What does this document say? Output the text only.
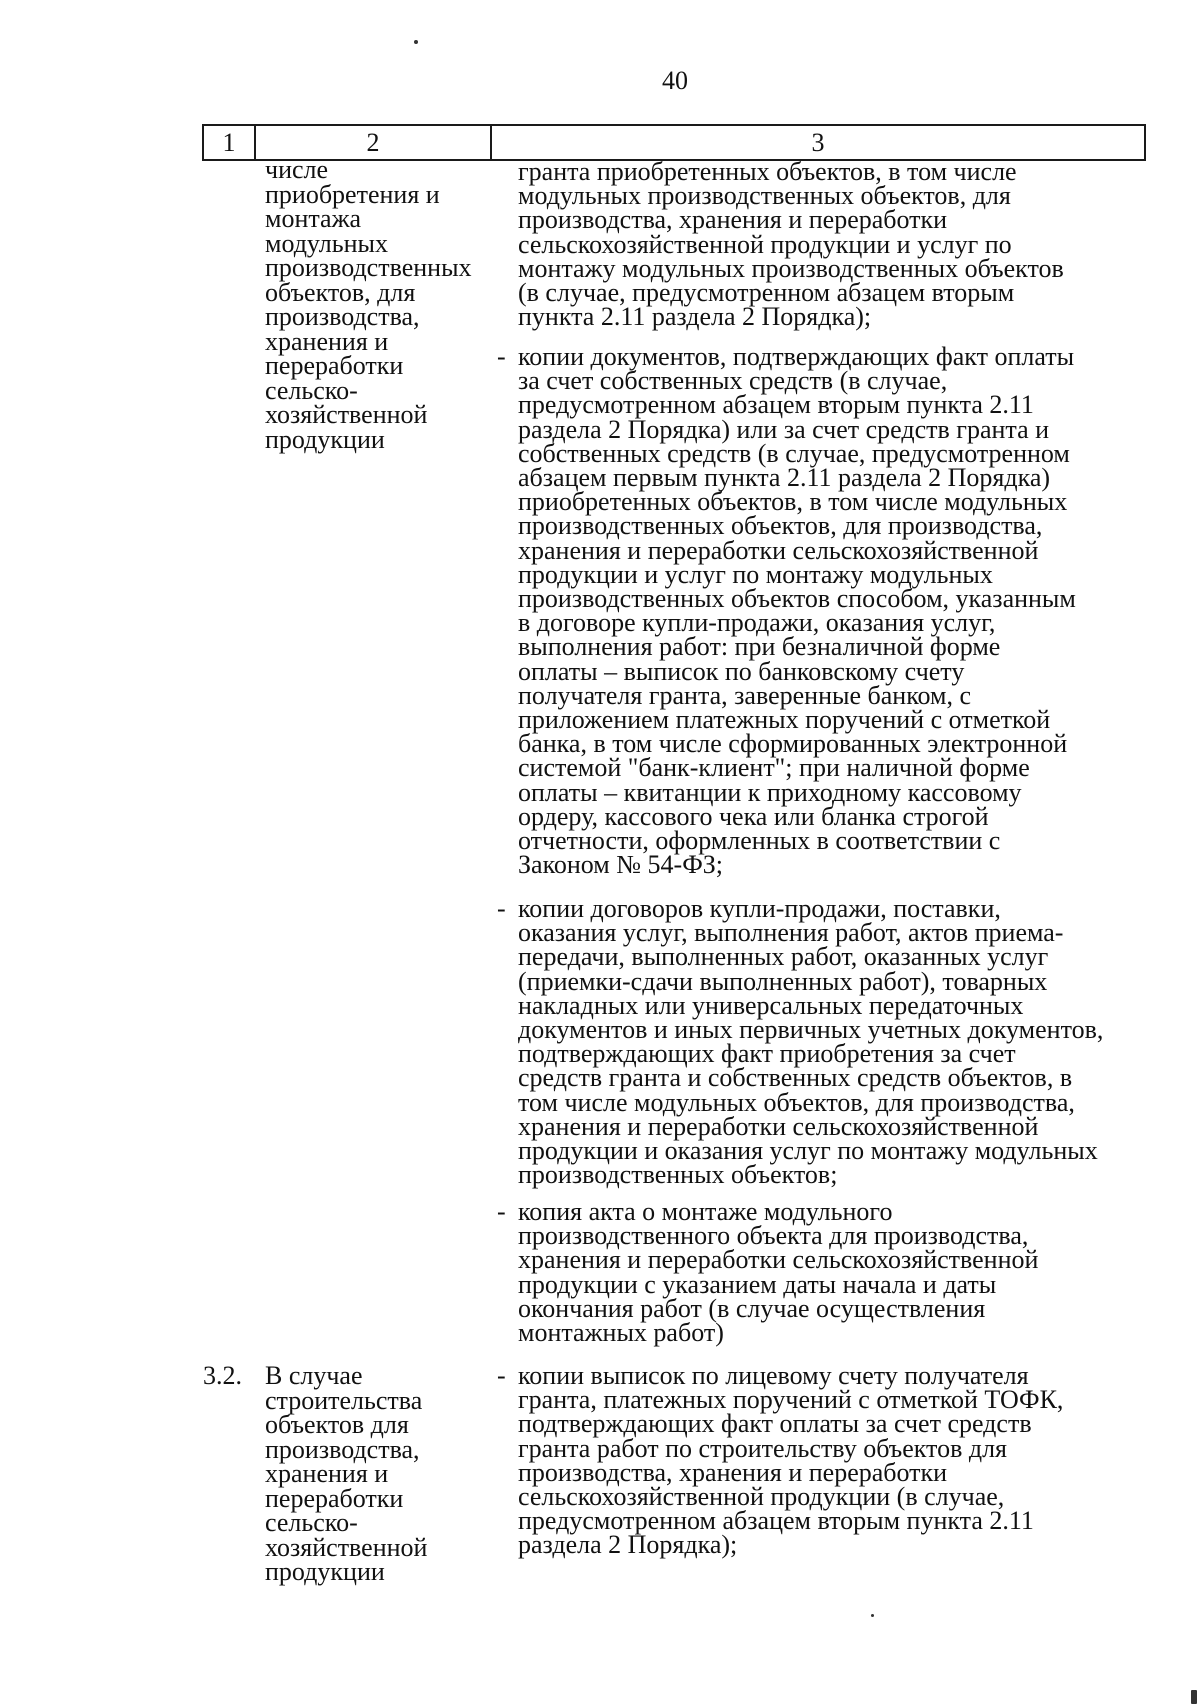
40
1	2	3
числе
приобретения и
монтажа
модульных
производственных
объектов, для
производства,
хранения и
переработки
сельско-
хозяйственной
продукции
гранта приобретенных объектов, в том числе
модульных производственных объектов, для
производства, хранения и переработки
сельскохозяйственной продукции и услуг по
монтажу модульных производственных объектов
(в случае, предусмотренном абзацем вторым
пункта 2.11 раздела 2 Порядка);
- копии документов, подтверждающих факт оплаты
за счет собственных средств (в случае,
предусмотренном абзацем вторым пункта 2.11
раздела 2 Порядка) или за счет средств гранта и
собственных средств (в случае, предусмотренном
абзацем первым пункта 2.11 раздела 2 Порядка)
приобретенных объектов, в том числе модульных
производственных объектов, для производства,
хранения и переработки сельскохозяйственной
продукции и услуг по монтажу модульных
производственных объектов способом, указанным
в договоре купли-продажи, оказания услуг,
выполнения работ: при безналичной форме
оплаты – выписок по банковскому счету
получателя гранта, заверенные банком, с
приложением платежных поручений с отметкой
банка, в том числе сформированных электронной
системой "банк-клиент"; при наличной форме
оплаты – квитанции к приходному кассовому
ордеру, кассового чека или бланка строгой
отчетности, оформленных в соответствии с
Законом № 54-ФЗ;
- копии договоров купли-продажи, поставки,
оказания услуг, выполнения работ, актов приема-
передачи, выполненных работ, оказанных услуг
(приемки-сдачи выполненных работ), товарных
накладных или универсальных передаточных
документов и иных первичных учетных документов,
подтверждающих факт приобретения за счет
средств гранта и собственных средств объектов, в
том числе модульных объектов, для производства,
хранения и переработки сельскохозяйственной
продукции и оказания услуг по монтажу модульных
производственных объектов;
- копия акта о монтаже модульного
производственного объекта для производства,
хранения и переработки сельскохозяйственной
продукции с указанием даты начала и даты
окончания работ (в случае осуществления
монтажных работ)
3.2. В случае
строительства
объектов для
производства,
хранения и
переработки
сельско-
хозяйственной
продукции
- копии выписок по лицевому счету получателя
гранта, платежных поручений с отметкой ТОФК,
подтверждающих факт оплаты за счет средств
гранта работ по строительству объектов для
производства, хранения и переработки
сельскохозяйственной продукции (в случае,
предусмотренном абзацем вторым пункта 2.11
раздела 2 Порядка);
